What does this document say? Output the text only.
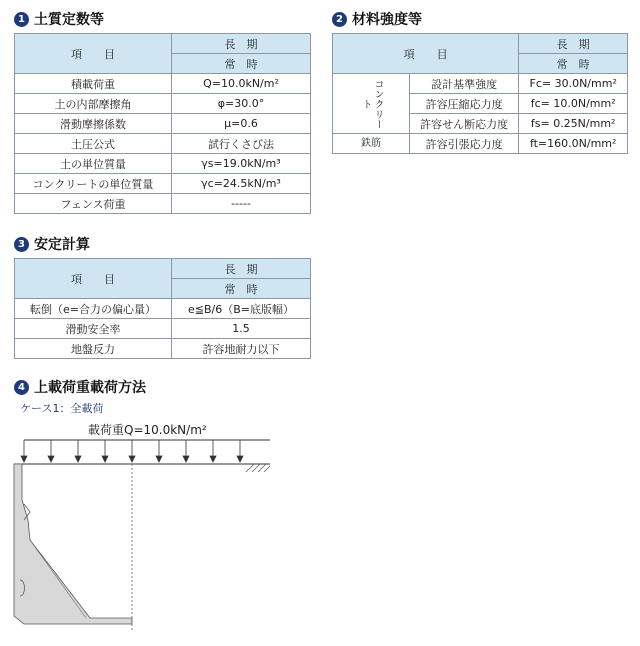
1 土質定数等
項　　目	長　期
	常　時
積載荷重	Q=10.0kN/m²
土の内部摩擦角	φ=30.0°
滑動摩擦係数	μ=0.6
土圧公式	試行くさび法
土の単位質量	γs=19.0kN/m³
コンクリートの単位質量	γc=24.5kN/m³
フェンス荷重	-----
2 材料強度等
項　　目		長　期
		常　時

コンクリート	設計基準強度	Fc= 30.0N/mm²
	許容圧縮応力度	fc= 10.0N/mm²
	許容せん断応力度	fs= 0.25N/mm²
鉄筋	許容引張応力度	ft=160.0N/mm²
3 安定計算
項　　目	長　期
	常　時
転倒（e=合力の偏心量）	e≦B/6（B=底版幅）
滑動安全率	1.5
地盤反力	許容地耐力以下
4 上載荷重載荷方法
ケース1：全載荷
載荷重Q=10.0kN/m²
